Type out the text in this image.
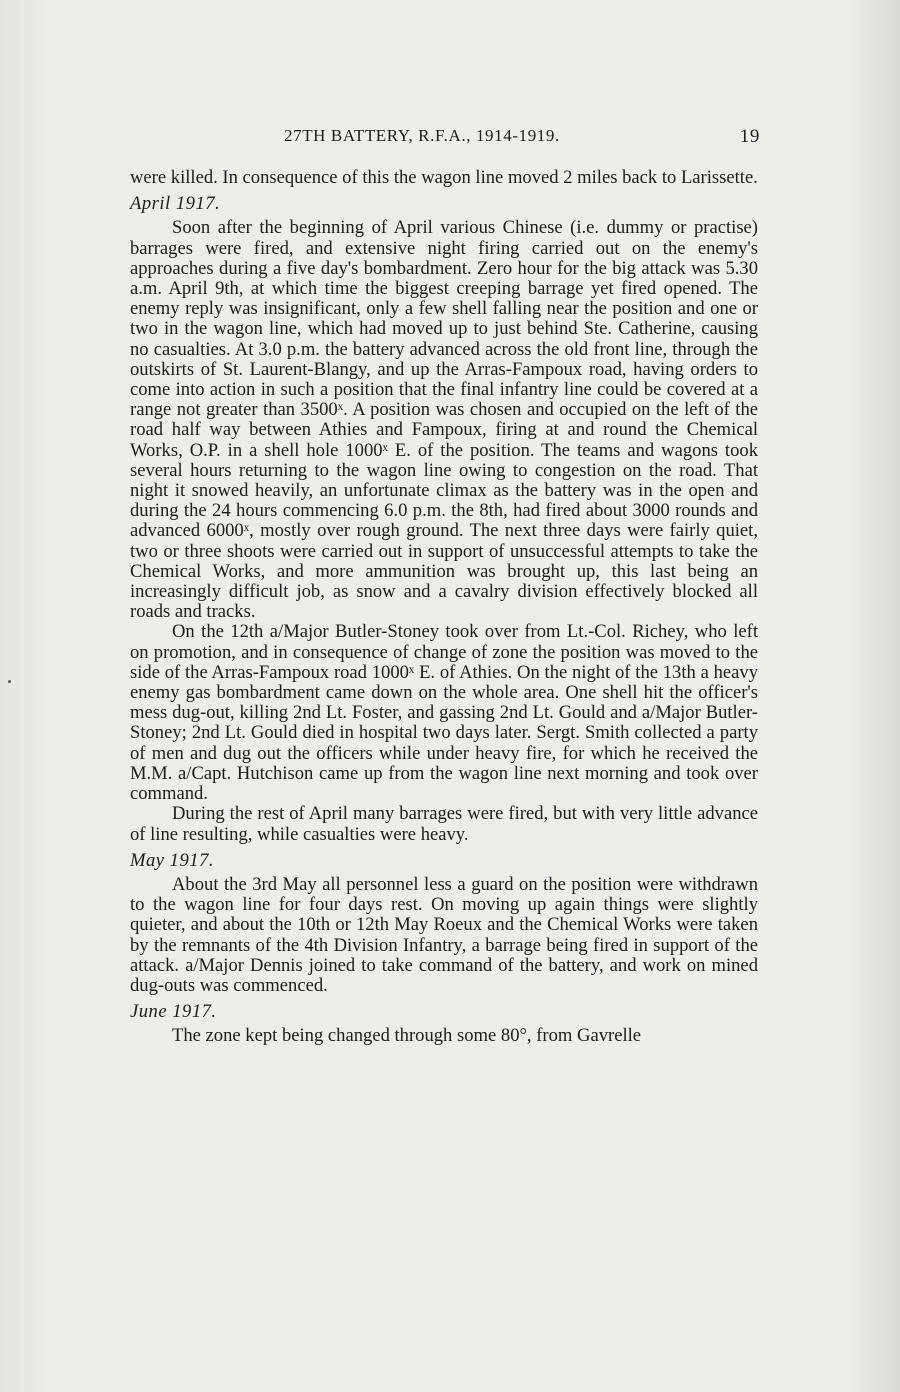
27TH BATTERY, R.F.A., 1914-1919.	19

were killed. In consequence of this the wagon line moved 2 miles back to Larissette.

April 1917.

Soon after the beginning of April various Chinese (i.e. dummy or practise) barrages were fired, and extensive night firing carried out on the enemy's approaches during a five day's bombardment. Zero hour for the big attack was 5.30 a.m. April 9th, at which time the biggest creeping barrage yet fired opened. The enemy reply was insignificant, only a few shell falling near the position and one or two in the wagon line, which had moved up to just behind Ste. Catherine, causing no casualties. At 3.0 p.m. the battery advanced across the old front line, through the outskirts of St. Laurent-Blangy, and up the Arras-Fampoux road, having orders to come into action in such a position that the final infantry line could be covered at a range not greater than 3500ˣ. A position was chosen and occupied on the left of the road half way between Athies and Fampoux, firing at and round the Chemical Works, O.P. in a shell hole 1000ˣ E. of the position. The teams and wagons took several hours returning to the wagon line owing to congestion on the road. That night it snowed heavily, an unfortunate climax as the battery was in the open and during the 24 hours commencing 6.0 p.m. the 8th, had fired about 3000 rounds and advanced 6000ˣ, mostly over rough ground. The next three days were fairly quiet, two or three shoots were carried out in support of unsuccessful attempts to take the Chemical Works, and more ammunition was brought up, this last being an increasingly difficult job, as snow and a cavalry division effectively blocked all roads and tracks.

On the 12th a/Major Butler-Stoney took over from Lt.-Col. Richey, who left on promotion, and in consequence of change of zone the position was moved to the side of the Arras-Fampoux road 1000ˣ E. of Athies. On the night of the 13th a heavy enemy gas bombardment came down on the whole area. One shell hit the officer's mess dug-out, killing 2nd Lt. Foster, and gassing 2nd Lt. Gould and a/Major Butler-Stoney; 2nd Lt. Gould died in hospital two days later. Sergt. Smith collected a party of men and dug out the officers while under heavy fire, for which he received the M.M. a/Capt. Hutchison came up from the wagon line next morning and took over command.

During the rest of April many barrages were fired, but with very little advance of line resulting, while casualties were heavy.

May 1917.

About the 3rd May all personnel less a guard on the position were withdrawn to the wagon line for four days rest. On moving up again things were slightly quieter, and about the 10th or 12th May Roeux and the Chemical Works were taken by the remnants of the 4th Division Infantry, a barrage being fired in support of the attack. a/Major Dennis joined to take command of the battery, and work on mined dug-outs was commenced.

June 1917.

The zone kept being changed through some 80°, from Gavrelle
